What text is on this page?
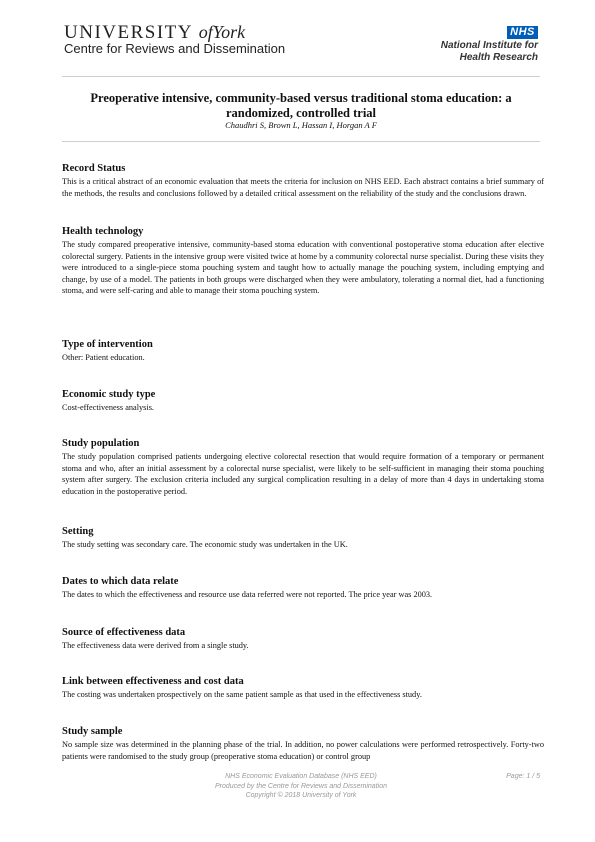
UNIVERSITY ofYork
Centre for Reviews and Dissemination
NHS
National Institute for
Health Research
Preoperative intensive, community-based versus traditional stoma education: a randomized, controlled trial
Chaudhri S, Brown L, Hassan I, Horgan A F
Record Status

This is a critical abstract of an economic evaluation that meets the criteria for inclusion on NHS EED. Each abstract contains a brief summary of the methods, the results and conclusions followed by a detailed critical assessment on the reliability of the study and the conclusions drawn.

Health technology

The study compared preoperative intensive, community-based stoma education with conventional postoperative stoma education after elective colorectal surgery. Patients in the intensive group were visited twice at home by a community colorectal nurse specialist. During these visits they were introduced to a single-piece stoma pouching system and taught how to actually manage the pouching system, including emptying and change, by use of a model. The patients in both groups were discharged when they were ambulatory, tolerating a normal diet, had a functioning stoma, and were self-caring and able to manage their stoma pouching system.

Type of intervention

Other: Patient education.

Economic study type

Cost-effectiveness analysis.

Study population

The study population comprised patients undergoing elective colorectal resection that would require formation of a temporary or permanent stoma and who, after an initial assessment by a colorectal nurse specialist, were likely to be self-sufficient in managing their stoma pouching system after surgery. The exclusion criteria included any surgical complication resulting in a delay of more than 4 days in undertaking stoma education in the postoperative period.

Setting

The study setting was secondary care. The economic study was undertaken in the UK.

Dates to which data relate

The dates to which the effectiveness and resource use data referred were not reported. The price year was 2003.

Source of effectiveness data

The effectiveness data were derived from a single study.

Link between effectiveness and cost data

The costing was undertaken prospectively on the same patient sample as that used in the effectiveness study.

Study sample

No sample size was determined in the planning phase of the trial. In addition, no power calculations were performed retrospectively. Forty-two patients were randomised to the study group (preoperative stoma education) or control group

NHS Economic Evaluation Database (NHS EED)
Produced by the Centre for Reviews and Dissemination
Copyright © 2018 University of York
Page: 1 / 5
